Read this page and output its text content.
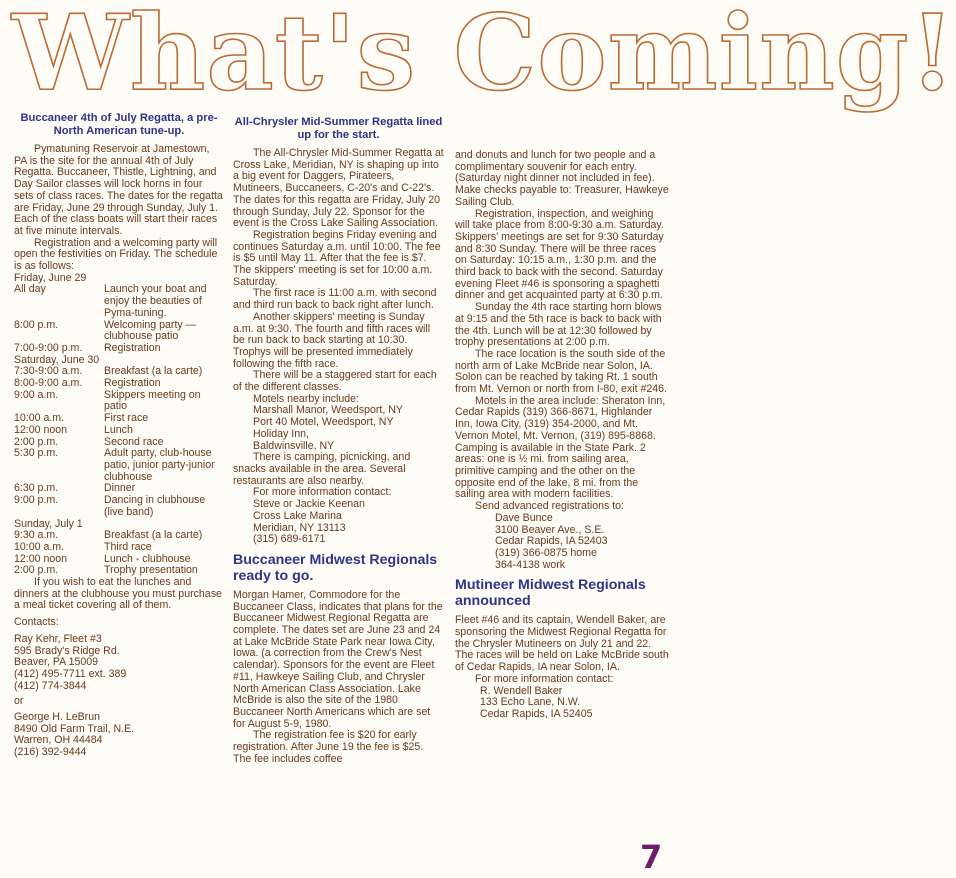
What's Coming!
Buccaneer 4th of July Regatta, a pre-North American tune-up.

Pymatuning Reservoir at Jamestown, PA is the site for the annual 4th of July Regatta. Buccaneer, Thistle, Lightning, and Day Sailor classes will lock horns in four sets of class races. The dates for the regatta are Friday, June 29 through Sunday, July 1. Each of the class boats will start their races at five minute intervals.

Registration and a welcoming party will open the festivities on Friday. The schedule is as follows:

Friday, June 29

All day	Launch your boat and enjoy the beauties of Pyma-tuning.
8:00 p.m.	Welcoming party — clubhouse patio
7:00-9:00 p.m.	Registration

Saturday, June 30

7:30-9:00 a.m.	Breakfast (a la carte)
8:00-9:00 a.m.	Registration
9:00 a.m.	Skippers meeting on patio
10:00 a.m.	First race
12:00 noon	Lunch
2:00 p.m.	Second race
5:30 p.m.	Adult party, club-house patio, junior party-junior clubhouse
6:30 p.m.	Dinner
9:00 p.m.	Dancing in clubhouse (live band)

Sunday, July 1

9:30 a.m.	Breakfast (a la carte)
10:00 a.m.	Third race
12:00 noon	Lunch - clubhouse
2:00 p.m.	Trophy presentation

If you wish to eat the lunches and dinners at the clubhouse you must purchase a meal ticket covering all of them.

Contacts:

Ray Kehr, Fleet #3
595 Brady's Ridge Rd.
Beaver, PA 15009
(412) 495-7711 ext. 389
(412) 774-3844

or

George H. LeBrun
8490 Old Farm Trail, N.E.
Warren, OH 44484
(216) 392-9444
All-Chrysler Mid-Summer Regatta lined up for the start.

The All-Chrysler Mid-Summer Regatta at Cross Lake, Meridian, NY is shaping up into a big event for Daggers, Pirateers, Mutineers, Buccaneers, C-20's and C-22's. The dates for this regatta are Friday, July 20 through Sunday, July 22. Sponsor for the event is the Cross Lake Sailing Association.

Registration begins Friday evening and continues Saturday a.m. until 10:00. The fee is $5 until May 11. After that the fee is $7. The skippers' meeting is set for 10:00 a.m. Saturday.

The first race is 11:00 a.m. with second and third run back to back right after lunch.

Another skippers' meeting is Sunday a.m. at 9:30. The fourth and fifth races will be run back to back starting at 10:30. Trophys will be presented immediately following the fifth race.

There will be a staggered start for each of the different classes.

Motels nearby include:
Marshall Manor, Weedsport, NY
Port 40 Motel, Weedsport, NY
Holiday Inn,
Baldwinsville, NY

There is camping, picnicking, and snacks available in the area. Several restaurants are also nearby.

For more information contact:
Steve or Jackie Keenan
Cross Lake Marina
Meridian, NY 13113
(315) 689-6171
Buccaneer Midwest Regionals ready to go.

Morgan Hamer, Commodore for the Buccaneer Class, indicates that plans for the Buccaneer Midwest Regional Regatta are complete. The dates set are June 23 and 24 at Lake McBride State Park near Iowa City, Iowa. (a correction from the Crew's Nest calendar). Sponsors for the event are Fleet #11, Hawkeye Sailing Club, and Chrysler North American Class Association. Lake McBride is also the site of the 1980 Buccaneer North Americans which are set for August 5-9, 1980.

The registration fee is $20 for early registration. After June 19 the fee is $25. The fee includes coffee

and donuts and lunch for two people and a complimentary souvenir for each entry. (Saturday night dinner not included in fee). Make checks payable to: Treasurer, Hawkeye Sailing Club.

Registration, inspection, and weighing will take place from 8:00-9:30 a.m. Saturday. Skippers' meetings are set for 9:30 Saturday and 8:30 Sunday. There will be three races on Saturday: 10:15 a.m., 1:30 p.m. and the third back to back with the second. Saturday evening Fleet #46 is sponsoring a spaghetti dinner and get acquainted party at 6:30 p.m.

Sunday the 4th race starting horn blows at 9:15 and the 5th race is back to back with the 4th. Lunch will be at 12:30 followed by trophy presentations at 2:00 p.m.

The race location is the south side of the north arm of Lake McBride near Solon, IA. Solon can be reached by taking Rt. 1 south from Mt. Vernon or north from I-80, exit #246.

Motels in the area include: Sheraton Inn, Cedar Rapids (319) 366-8671, Highlander Inn, Iowa City, (319) 354-2000, and Mt. Vernon Motel, Mt. Vernon, (319) 895-8868. Camping is available in the State Park. 2 areas: one is ½ mi. from sailing area, primitive camping and the other on the opposite end of the lake, 8 mi. from the sailing area with modern facilities.

Send advanced registrations to:

Dave Bunce
3100 Beaver Ave., S.E.
Cedar Rapids, IA 52403
(319) 366-0875 home
364-4138 work
Mutineer Midwest Regionals announced

Fleet #46 and its captain, Wendell Baker, are sponsoring the Midwest Regional Regatta for the Chrysler Mutineers on July 21 and 22. The races will be held on Lake McBride south of Cedar Rapids, IA near Solon, IA.

For more information contact:

R. Wendell Baker
133 Echo Lane, N.W.
Cedar Rapids, IA 52405
7
